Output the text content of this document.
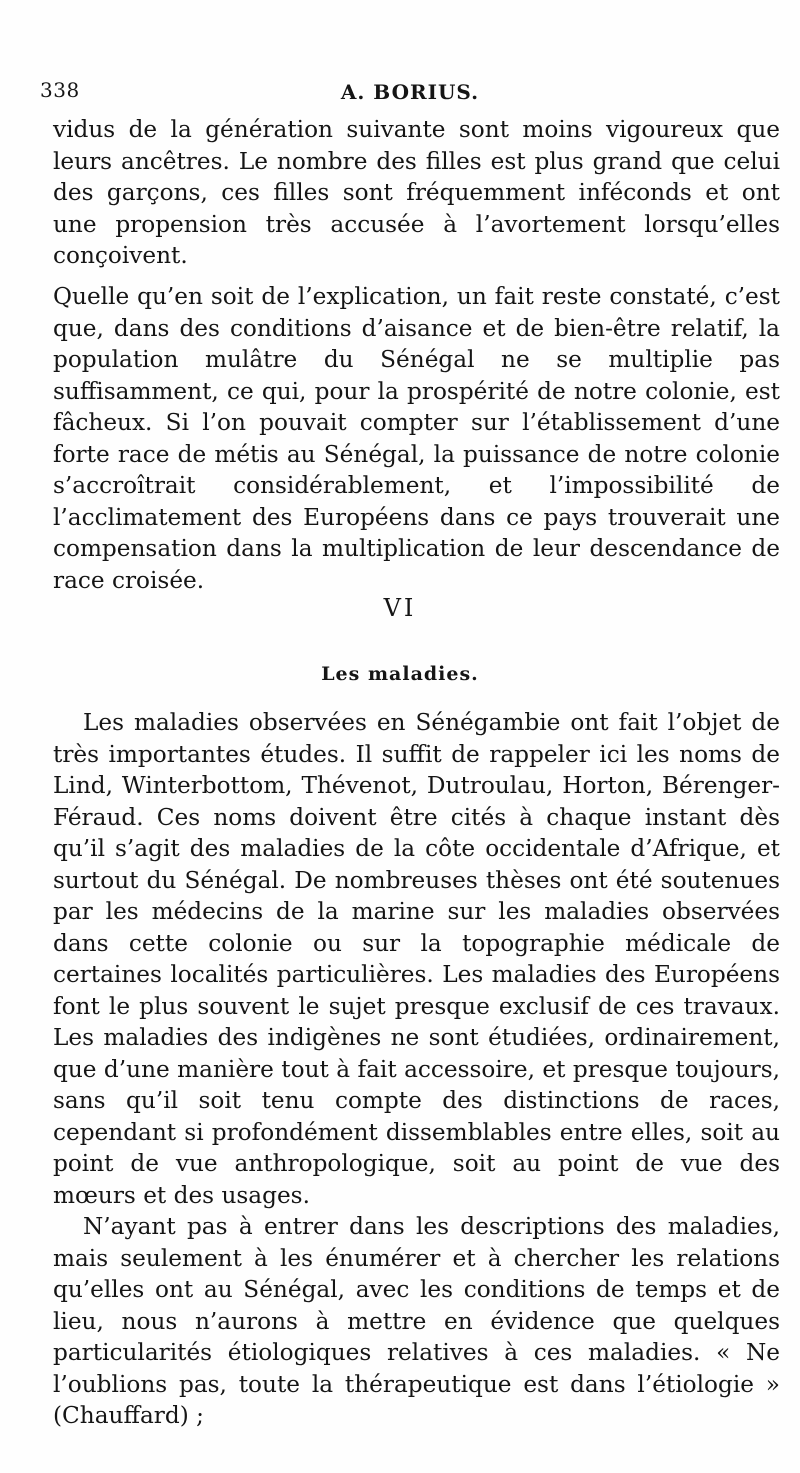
338	A. BORIUS.

vidus de la génération suivante sont moins vigoureux que leurs ancêtres. Le nombre des filles est plus grand que celui des garçons, ces filles sont fréquemment inféconds et ont une propension très accusée à l’avortement lorsqu’elles conçoivent.

Quelle qu’en soit de l’explication, un fait reste constaté, c’est que, dans des conditions d’aisance et de bien-être relatif, la population mulâtre du Sénégal ne se multiplie pas suffisamment, ce qui, pour la prospérité de notre colonie, est fâcheux. Si l’on pouvait compter sur l’établissement d’une forte race de métis au Sénégal, la puissance de notre colonie s’accroîtrait considérablement, et l’impossibilité de l’acclimatement des Européens dans ce pays trouverait une compensation dans la multiplication de leur descendance de race croisée.

VI
Les maladies.

Les maladies observées en Sénégambie ont fait l’objet de très importantes études. Il suffit de rappeler ici les noms de Lind, Winterbottom, Thévenot, Dutroulau, Horton, Bérenger-Féraud. Ces noms doivent être cités à chaque instant dès qu’il s’agit des maladies de la côte occidentale d’Afrique, et surtout du Sénégal. De nombreuses thèses ont été soutenues par les médecins de la marine sur les maladies observées dans cette colonie ou sur la topographie médicale de certaines localités particulières. Les maladies des Européens font le plus souvent le sujet presque exclusif de ces travaux. Les maladies des indigènes ne sont étudiées, ordinairement, que d’une manière tout à fait accessoire, et presque toujours, sans qu’il soit tenu compte des distinctions de races, cependant si profondément dissemblables entre elles, soit au point de vue anthropologique, soit au point de vue des mœurs et des usages.

N’ayant pas à entrer dans les descriptions des maladies, mais seulement à les énumérer et à chercher les relations qu’elles ont au Sénégal, avec les conditions de temps et de lieu, nous n’aurons à mettre en évidence que quelques particularités étiologiques relatives à ces maladies. « Ne l’oublions pas, toute la thérapeutique est dans l’étiologie » (Chauffard) ;
